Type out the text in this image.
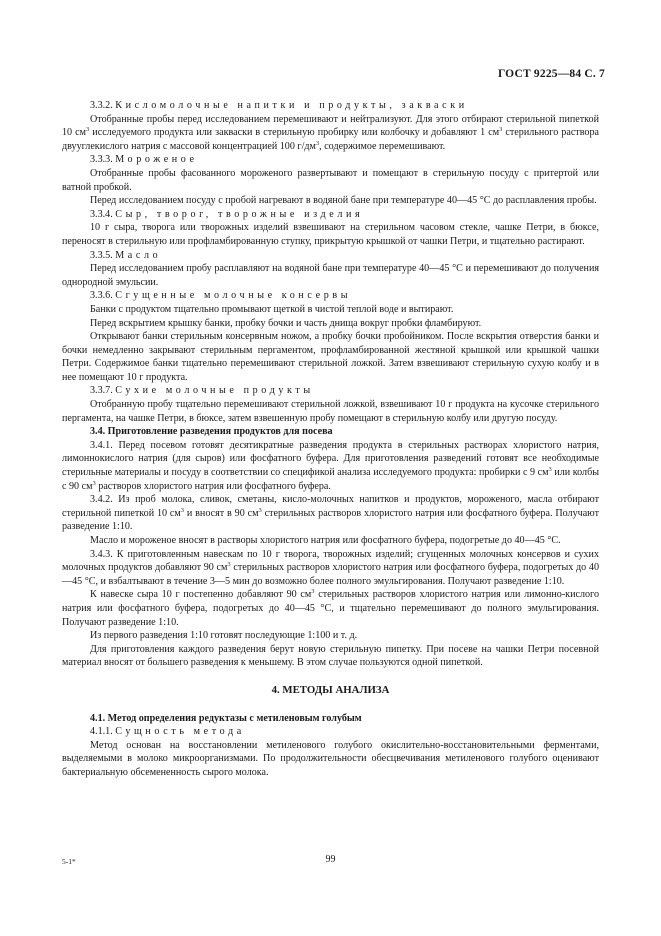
ГОСТ 9225—84 С. 7

3.3.2. Кисломолочные напитки и продукты, закваски

Отобранные пробы перед исследованием перемешивают и нейтрализуют. Для этого отбирают стерильной пипеткой 10 $см^3$ исследуемого продукта или закваски в стерильную пробирку или колбочку и добавляют 1 $см^3$ стерильного раствора двууглекислого натрия с массовой концентрацией 100 $г/дм^3$, содержимое перемешивают.

3.3.3. Мороженое

Отобранные пробы фасованного мороженого развертывают и помещают в стерильную посуду с притертой или ватной пробкой.

Перед исследованием посуду с пробой нагревают в водяной бане при температуре 40—45 °С до расплавления пробы.

3.3.4. Сыр, творог, творожные изделия

10 г сыра, творога или творожных изделий взвешивают на стерильном часовом стекле, чашке Петри, в бюксе, переносят в стерильную или профламбированную ступку, прикрытую крышкой от чашки Петри, и тщательно растирают.

3.3.5. Масло

Перед исследованием пробу расплавляют на водяной бане при температуре 40—45 °С и перемешивают до получения однородной эмульсии.

3.3.6. Сгущенные молочные консервы

Банки с продуктом тщательно промывают щеткой в чистой теплой воде и вытирают.

Перед вскрытием крышку банки, пробку бочки и часть днища вокруг пробки фламбируют.

Открывают банки стерильным консервным ножом, а пробку бочки пробойником. После вскрытия отверстия банки и бочки немедленно закрывают стерильным пергаментом, профламбированной жестяной крышкой или крышкой чашки Петри. Содержимое банки тщательно перемешивают стерильной ложкой. Затем взвешивают стерильную сухую колбу и в нее помещают 10 г продукта.

3.3.7. Сухие молочные продукты

Отобранную пробу тщательно перемешивают стерильной ложкой, взвешивают 10 г продукта на кусочке стерильного пергамента, на чашке Петри, в бюксе, затем взвешенную пробу помещают в стерильную колбу или другую посуду.

3.4. Приготовление разведения продуктов для посева

3.4.1. Перед посевом готовят десятикратные разведения продукта в стерильных растворах хлористого натрия, лимоннокислого натрия (для сыров) или фосфатного буфера. Для приготовления разведений готовят все необходимые стерильные материалы и посуду в соответствии со спецификой анализа исследуемого продукта: пробирки с 9 $см^3$ или колбы с 90 $см^3$ растворов хлористого натрия или фосфатного буфера.

3.4.2. Из проб молока, сливок, сметаны, кисло-молочных напитков и продуктов, мороженого, масла отбирают стерильной пипеткой 10 $см^3$ и вносят в 90 $см^3$ стерильных растворов хлористого натрия или фосфатного буфера. Получают разведение 1:10.

Масло и мороженое вносят в растворы хлористого натрия или фосфатного буфера, подогретые до 40—45 °С.

3.4.3. К приготовленным навескам по 10 г творога, творожных изделий; сгущенных молочных консервов и сухих молочных продуктов добавляют 90 $см^3$ стерильных растворов хлористого натрия или фосфатного буфера, подогретых до 40—45 °С, и взбалтывают в течение 3—5 мин до возможно более полного эмульгирования. Получают разведение 1:10.

К навеске сыра 10 г постепенно добавляют 90 $см^3$ стерильных растворов хлористого натрия или лимонно-кислого натрия или фосфатного буфера, подогретых до 40—45 °С, и тщательно перемешивают до полного эмульгирования. Получают разведение 1:10.

Из первого разведения 1:10 готовят последующие 1:100 и т. д.

Для приготовления каждого разведения берут новую стерильную пипетку. При посеве на чашки Петри посевной материал вносят от большего разведения к меньшему. В этом случае пользуются одной пипеткой.

4. МЕТОДЫ АНАЛИЗА

4.1. Метод определения редуктазы с метиленовым голубым

4.1.1. Сущность метода

Метод основан на восстановлении метиленового голубого окислительно-восстановительными ферментами, выделяемыми в молоко микроорганизмами. По продолжительности обесцвечивания метиленового голубого оценивают бактериальную обсемененность сырого молока.

5-1*	99
